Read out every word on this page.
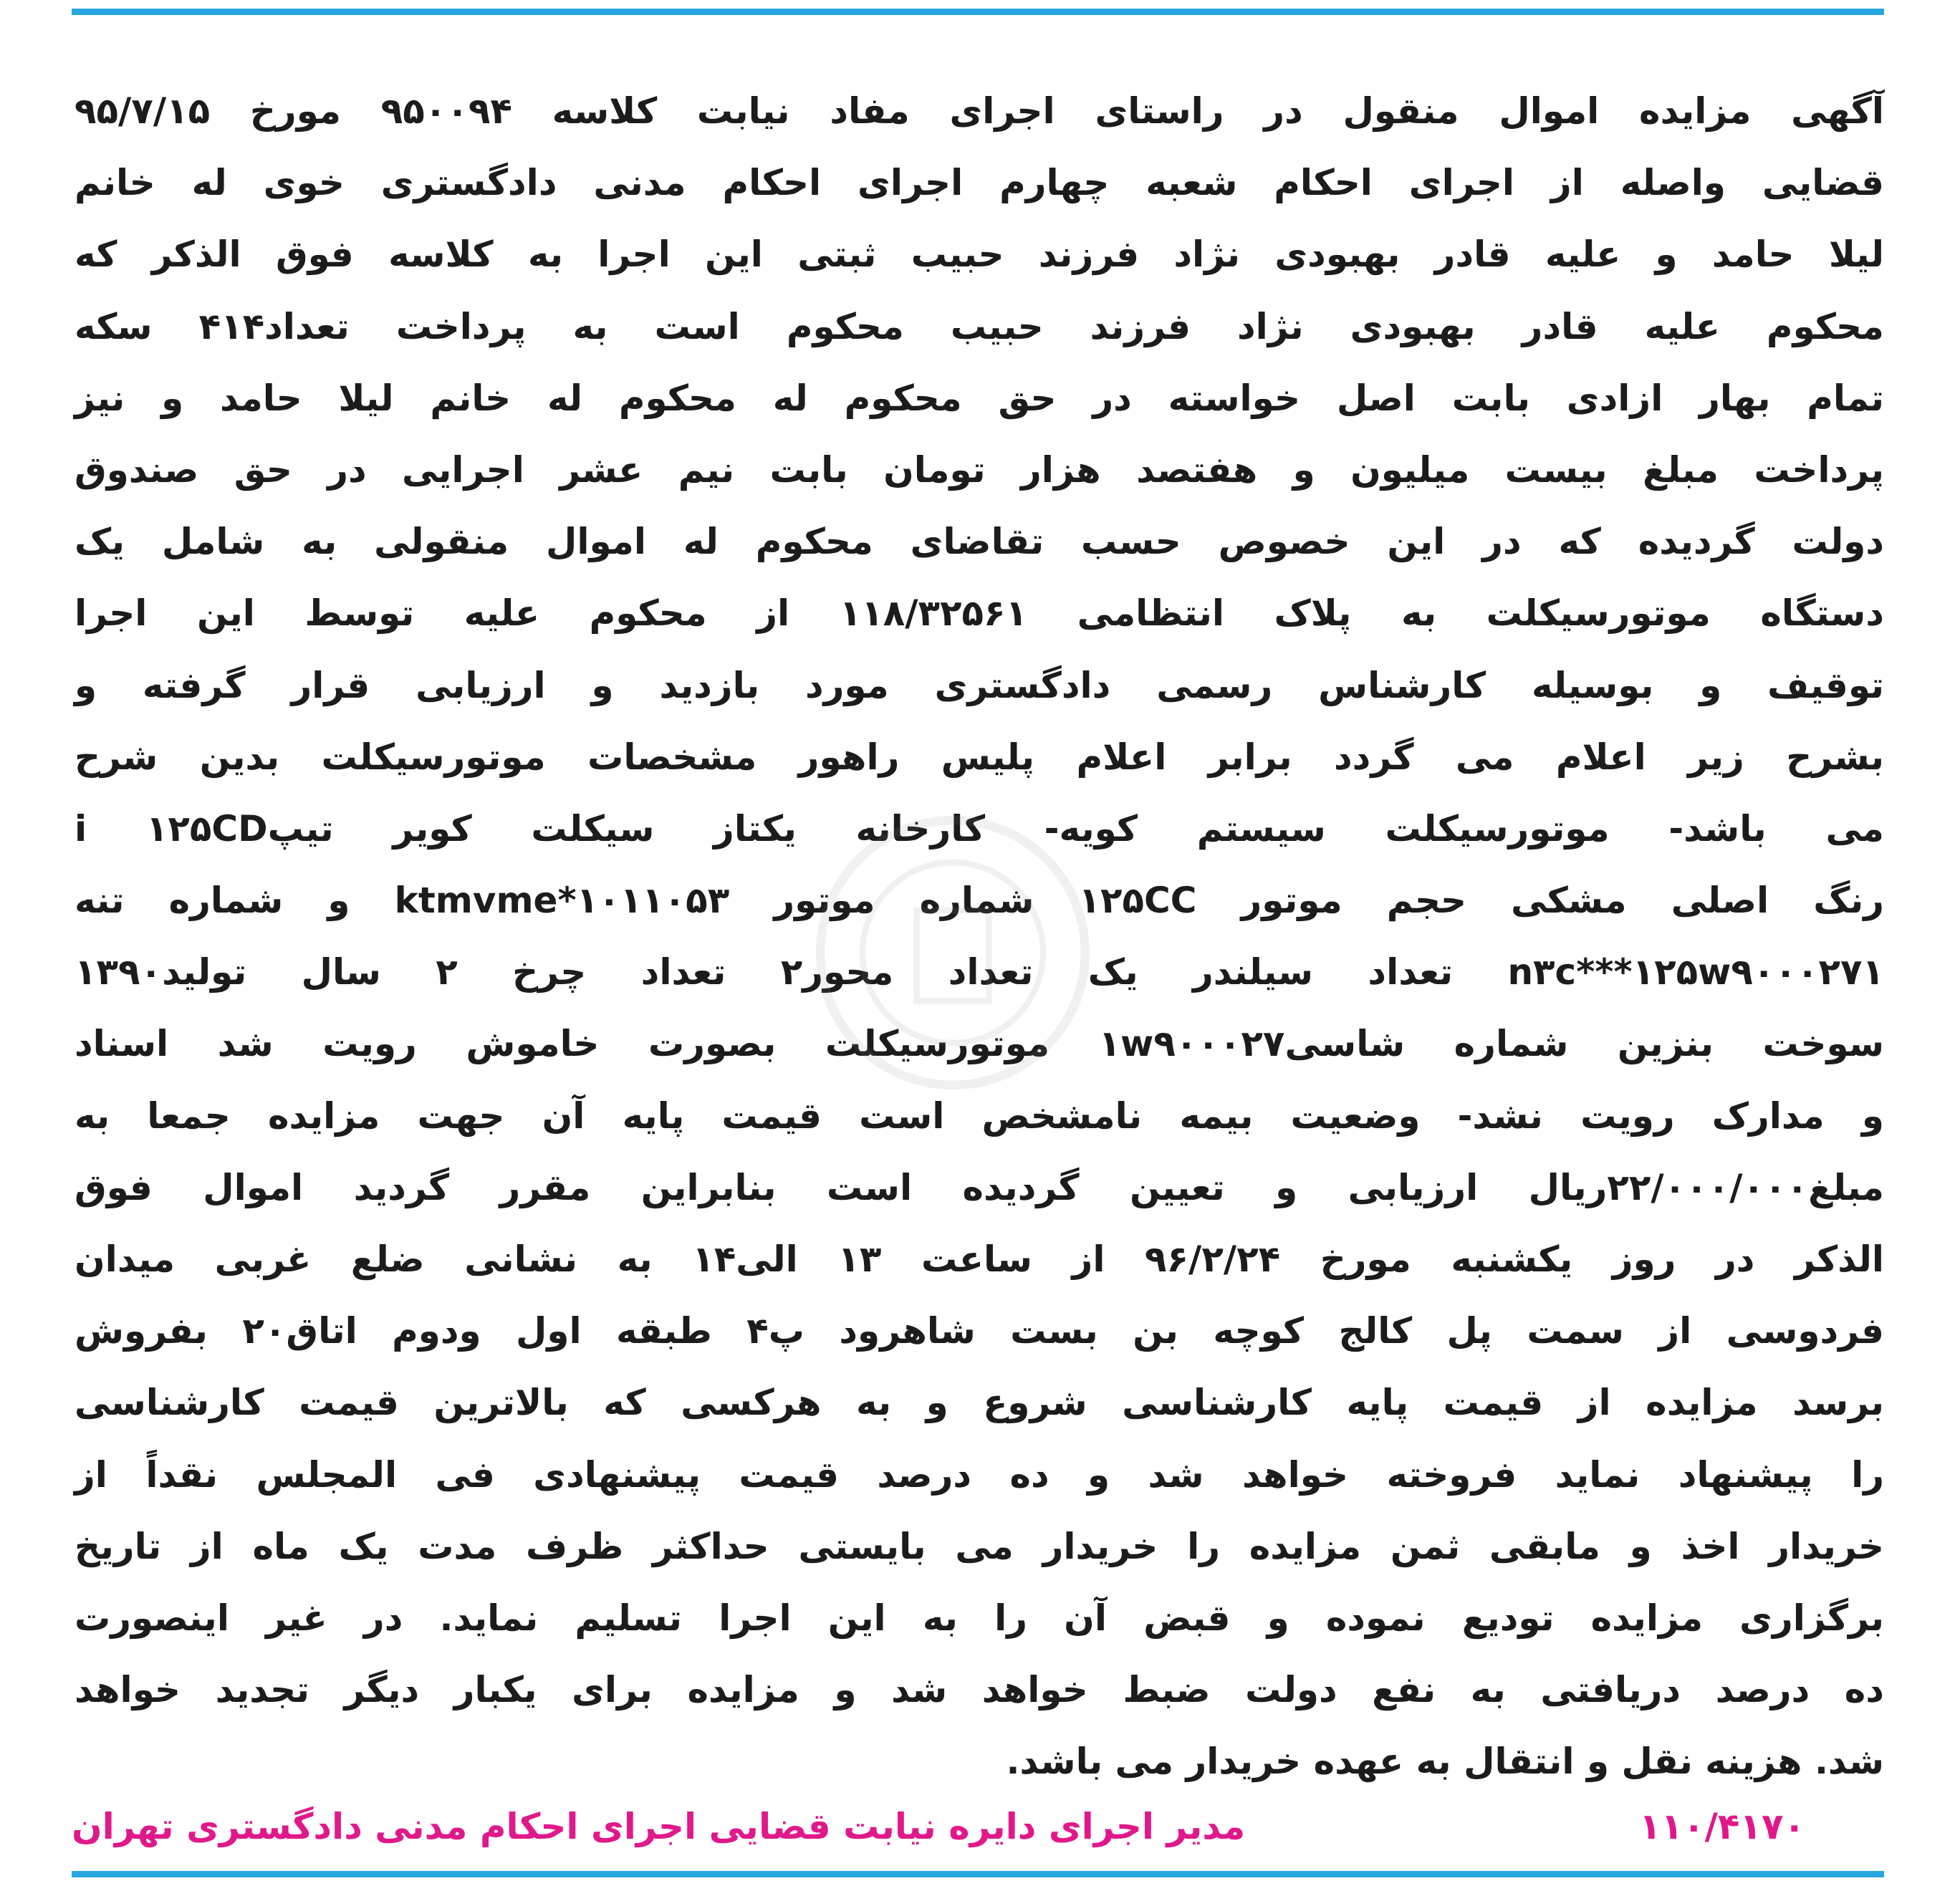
آگهی مزایده اموال منقول در راستای اجرای مفاد نیابت کلاسه ۹۵۰۰۹۴ مورخ ۹۵/۷/۱۵
قضایی واصله از اجرای احکام شعبه چهارم اجرای احکام مدنی دادگستری خوی له خانم
لیلا حامد و علیه قادر بهبودی نژاد فرزند حبیب ثبتی این اجرا به کلاسه فوق الذکر که
محکوم علیه قادر بهبودی نژاد فرزند حبیب محکوم است به پرداخت تعداد۴۱۴ سکه
تمام بهار ازادی بابت اصل خواسته در حق محکوم له محکوم له خانم لیلا حامد و نیز
پرداخت مبلغ بیست میلیون و هفتصد هزار تومان بابت نیم عشر اجرایی در حق صندوق
دولت گردیده که در این خصوص حسب تقاضای محکوم له اموال منقولی به شامل یک
دستگاه موتورسیکلت به پلاک انتظامی ۱۱۸/۳۲۵۶۱ از محکوم علیه توسط این اجرا
توقیف و بوسیله کارشناس رسمی دادگستری مورد بازدید و ارزیابی قرار گرفته و
بشرح زیر اعلام می گردد برابر اعلام پلیس راهور مشخصات موتورسیکلت بدین شرح
می باشد- موتورسیکلت سیستم کویه- کارخانه یکتاز سیکلت کویر تیپi ۱۲۵CD
رنگ اصلی مشکی حجم موتور ۱۲۵CC شماره موتور ktmvme*۱۰۱۱۰۵۳ و شماره تنه
n۳c***۱۲۵w۹۰۰۰۲۷۱ تعداد سیلندر یک تعداد محور۲ تعداد چرخ ۲ سال تولید۱۳۹۰
سوخت بنزین شماره شاسی۱w۹۰۰۰۲۷ موتورسیکلت بصورت خاموش رویت شد اسناد
و مدارک رویت نشد- وضعیت بیمه نامشخص است قیمت پایه آن جهت مزایده جمعا به
مبلغ۲۲/۰۰۰/۰۰۰ریال ارزیابی و تعیین گردیده است بنابراین مقرر گردید اموال فوق
الذکر در روز یکشنبه مورخ ۹۶/۲/۲۴ از ساعت ۱۳ الی۱۴ به نشانی ضلع غربی میدان
فردوسی از سمت پل کالج کوچه بن بست شاهرود پ۴ طبقه اول ودوم اتاق۲۰ بفروش
برسد مزایده از قیمت پایه کارشناسی شروع و به هرکسی که بالاترین قیمت کارشناسی
را پیشنهاد نماید فروخته خواهد شد و ده درصد قیمت پیشنهادی فی المجلس نقداً از
خریدار اخذ و مابقی ثمن مزایده را خریدار می بایستی حداکثر ظرف مدت یک ماه از تاریخ
برگزاری مزایده تودیع نموده و قبض آن را به این اجرا تسلیم نماید. در غیر اینصورت
ده درصد دریافتی به نفع دولت ضبط خواهد شد و مزایده برای یکبار دیگر تجدید خواهد
شد. هزینه نقل و انتقال به عهده خریدار می باشد.
مدیر اجرای دایره نیابت قضایی اجرای احکام مدنی دادگستری تهران	۱۱۰/۴۱۷۰
